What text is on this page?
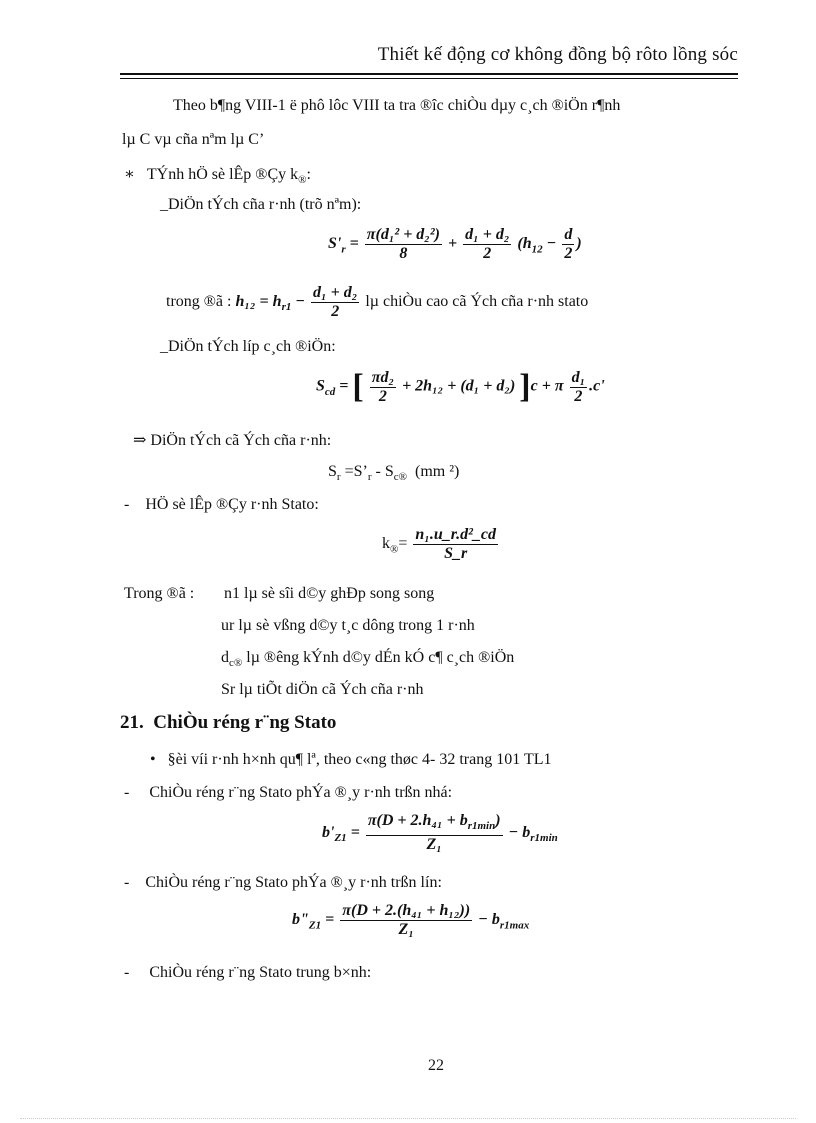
Thiết kế động cơ không đồng bộ rôto lồng sóc
Theo b¶ng VIII-1 ë phô lôc VIII ta tra ®îc chiÒu dµy c¸ch ®iÖn r¶nh
lµ C vµ cña nªm lµ C’
∗ TÝnh hÖ sè lÊp ®Çy $k_®$:
_DiÖn tÝch cña r·nh (trõ nªm):
$S'_r = \frac{\text{π(d₁² + d₂²)}}{8} + \frac{\text{d₁ + d₂}}{2} (h_{12} - \frac{d}{2}$ )
trong ®ã : $h_{12} = h_{r1} - \frac{\text{d₁ + d₂}}{2}$ lµ chiÒu cao cã Ých cña r·nh stato
_DiÖn tÝch líp c¸ch ®iÖn:
$S_{cd}$ = [ $\frac{\text{πd₂}}{2} + 2h_{12} + (d_1 + d_2) ]c + \pi \frac{\text{d₁}}{2} .c'$
⇒ DiÖn tÝch cã Ých cña r·nh:
$S_r$ $=S’_r - S_{c®}$ (mm ²)
- HÖ sè lÊp ®Çy r·nh Stato:
$k_®= \frac{\text{n₁.u\_r.d²\_cd}}{S\_r}$
Trong ®ã : n1 lµ sè sîi d©y ghÐp song song
ur lµ sè vßng d©y t¸c dông trong 1 r·nh
$d_{c®}$ lµ ®êng kÝnh d©y dÉn kÓ c¶ c¸ch ®iÖn
Sr lµ tiÕt diÖn cã Ých cña r·nh
21. ChiÒu réng r¨ng Stato
• §èi víi r·nh h×nh qu¶ lª, theo c«ng thøc 4- 32 trang 101 TL1
- ChiÒu réng r¨ng Stato phÝa ®¸y r·nh trßn nhá:
$b'_{Z1} = \frac{\pi(D + 2.h_{41} + b_{r1min})}{\text{Z₁}} - b_{r1min}$
- ChiÒu réng r¨ng Stato phÝa ®¸y r·nh trßn lín:
$b"_{Z1} = \frac{\text{π(D + 2.(h₄₁ + h₁₂))}}{\text{Z₁}} - b_{r1max}$
- ChiÒu réng r¨ng Stato trung b×nh:
22
